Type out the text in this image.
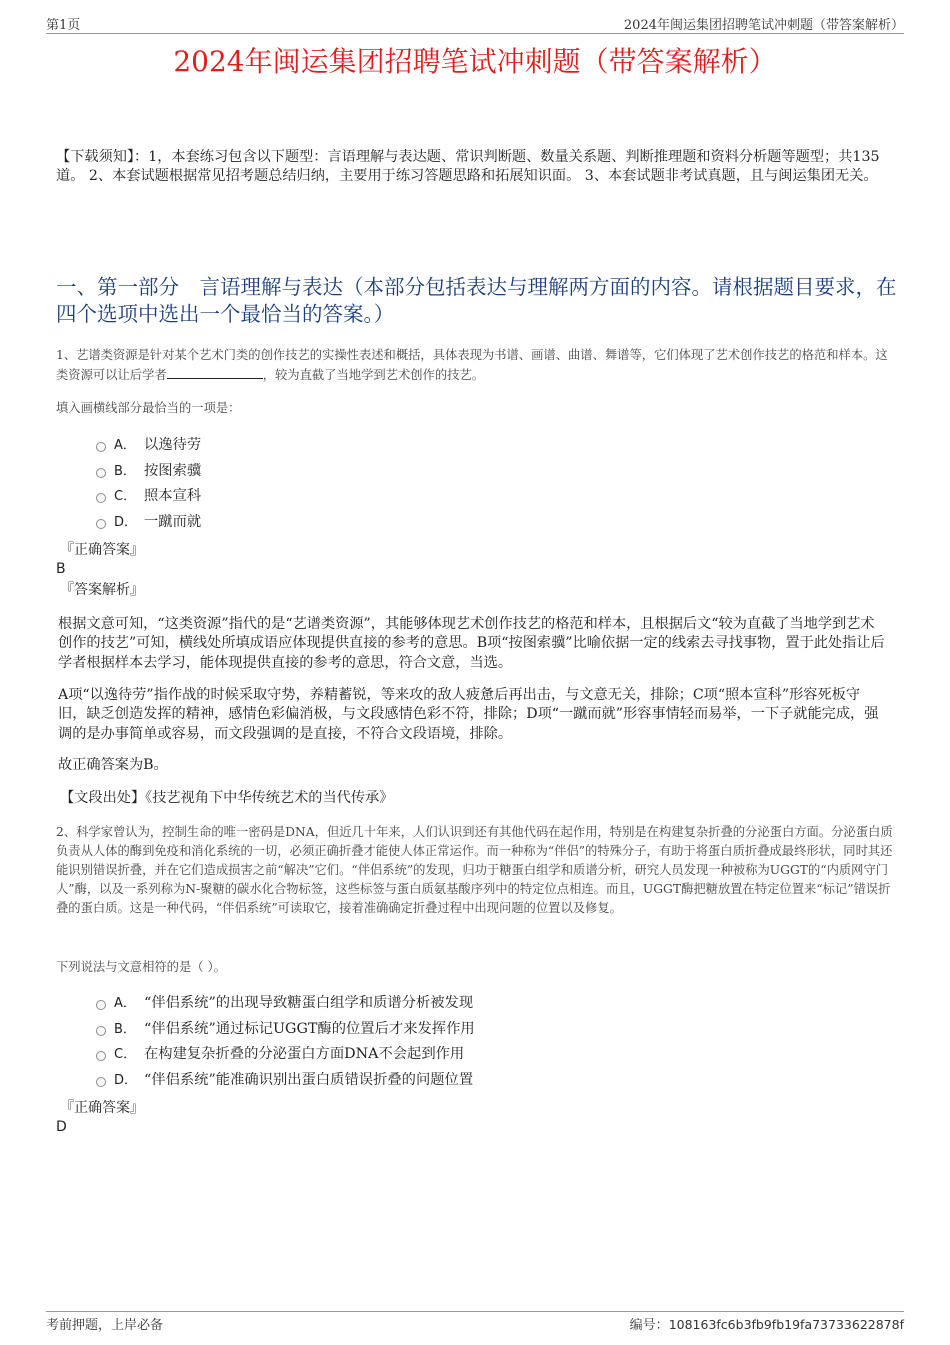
第1页	2024年闽运集团招聘笔试冲刺题（带答案解析）
2024年闽运集团招聘笔试冲刺题（带答案解析）
【下载须知】：1，本套练习包含以下题型：言语理解与表达题、常识判断题、数量关系题、判断推理题和资料分析题等题型；共135道。 2、本套试题根据常见招考题总结归纳，主要用于练习答题思路和拓展知识面。 3、本套试题非考试真题，且与闽运集团无关。
一、第一部分　言语理解与表达（本部分包括表达与理解两方面的内容。请根据题目要求，在四个选项中选出一个最恰当的答案。）
1、艺谱类资源是针对某个艺术门类的创作技艺的实操性表述和概括，具体表现为书谱、画谱、曲谱、舞谱等，它们体现了艺术创作技艺的格范和样本。这类资源可以让后学者	，较为直截了当地学到艺术创作的技艺。
填入画横线部分最恰当的一项是：
A． 以逸待劳
B． 按图索骥
C． 照本宣科
D． 一蹴而就
『正确答案』
B
『答案解析』
根据文意可知，“这类资源”指代的是“艺谱类资源”，其能够体现艺术创作技艺的格范和样本，且根据后文“较为直截了当地学到艺术创作的技艺”可知，横线处所填成语应体现提供直接的参考的意思。B项“按图索骥”比喻依据一定的线索去寻找事物，置于此处指让后学者根据样本去学习，能体现提供直接的参考的意思，符合文意，当选。
A项“以逸待劳”指作战的时候采取守势，养精蓄锐，等来攻的敌人疲惫后再出击，与文意无关，排除；C项“照本宣科”形容死板守旧，缺乏创造发挥的精神，感情色彩偏消极，与文段感情色彩不符，排除；D项“一蹴而就”形容事情轻而易举，一下子就能完成，强调的是办事简单或容易，而文段强调的是直接，不符合文段语境，排除。
故正确答案为B。
【文段出处】《技艺视角下中华传统艺术的当代传承》
2、科学家曾认为，控制生命的唯一密码是DNA，但近几十年来，人们认识到还有其他代码在起作用，特别是在构建复杂折叠的分泌蛋白方面。分泌蛋白质负责从人体的酶到免疫和消化系统的一切，必须正确折叠才能使人体正常运作。而一种称为“伴侣”的特殊分子，有助于将蛋白质折叠成最终形状，同时其还能识别错误折叠，并在它们造成损害之前“解决”它们。“伴侣系统”的发现，归功于糖蛋白组学和质谱分析，研究人员发现一种被称为UGGT的“内质网守门人”酶，以及一系列称为N-聚糖的碳水化合物标签，这些标签与蛋白质氨基酸序列中的特定位点相连。而且，UGGT酶把糖放置在特定位置来“标记”错误折叠的蛋白质。这是一种代码，“伴侣系统”可读取它，接着准确确定折叠过程中出现问题的位置以及修复。
下列说法与文意相符的是（ ）。
A． “伴侣系统”的出现导致糖蛋白组学和质谱分析被发现
B． “伴侣系统”通过标记UGGT酶的位置后才来发挥作用
C． 在构建复杂折叠的分泌蛋白方面DNA不会起到作用
D． “伴侣系统”能准确识别出蛋白质错误折叠的问题位置
『正确答案』
D
考前押题，上岸必备	编号：108163fc6b3fb9fb19fa73733622878f
